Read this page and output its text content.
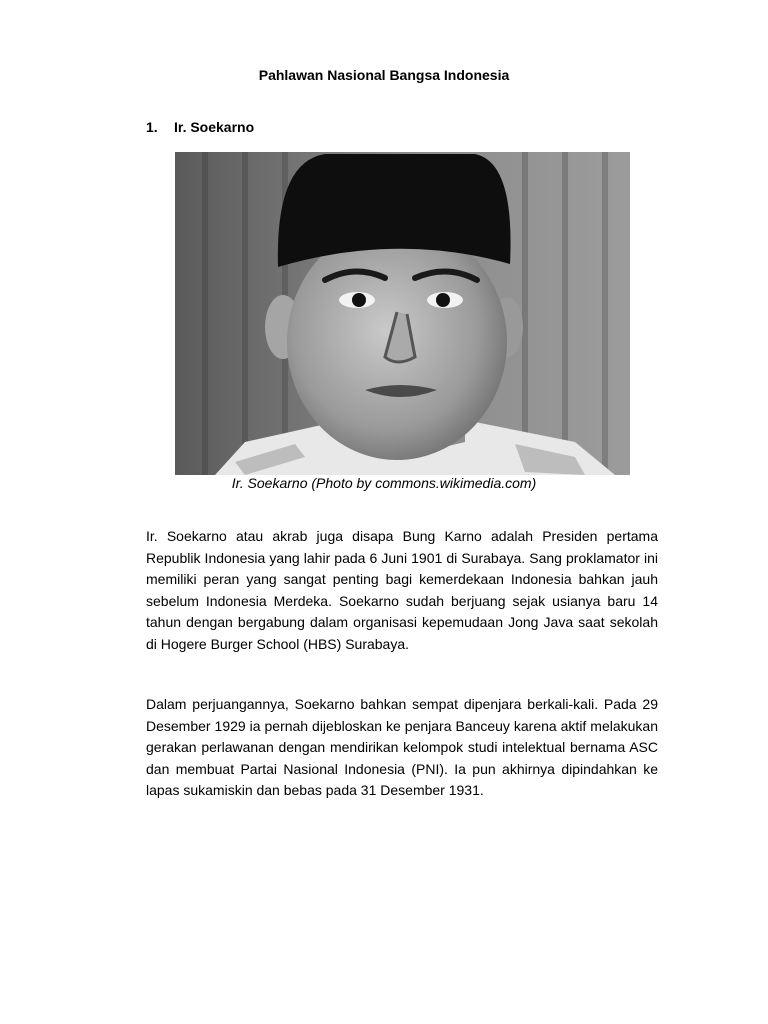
Pahlawan Nasional Bangsa Indonesia
1. Ir. Soekarno
Ir. Soekarno (Photo by commons.wikimedia.com)

Ir. Soekarno atau akrab juga disapa Bung Karno adalah Presiden pertama Republik Indonesia yang lahir pada 6 Juni 1901 di Surabaya. Sang proklamator ini memiliki peran yang sangat penting bagi kemerdekaan Indonesia bahkan jauh sebelum Indonesia Merdeka. Soekarno sudah berjuang sejak usianya baru 14 tahun dengan bergabung dalam organisasi kepemudaan Jong Java saat sekolah di Hogere Burger School (HBS) Surabaya.

Dalam perjuangannya, Soekarno bahkan sempat dipenjara berkali-kali. Pada 29 Desember 1929 ia pernah dijebloskan ke penjara Banceuy karena aktif melakukan gerakan perlawanan dengan mendirikan kelompok studi intelektual bernama ASC dan membuat Partai Nasional Indonesia (PNI). Ia pun akhirnya dipindahkan ke lapas sukamiskin dan bebas pada 31 Desember 1931.
